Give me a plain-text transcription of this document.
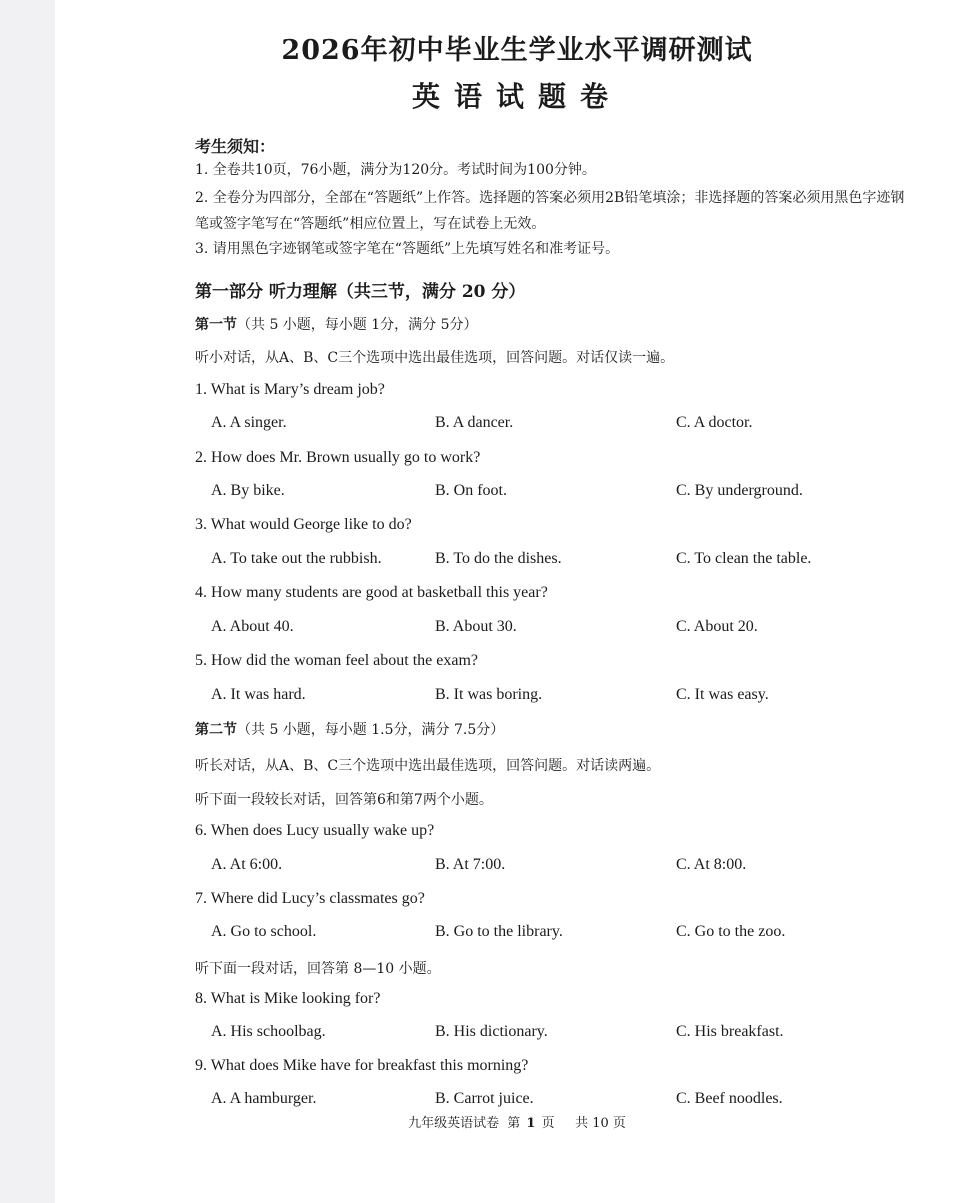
2026年初中毕业生学业水平调研测试
英语试题卷
考生须知：

1. 全卷共10页，76小题，满分为120分。考试时间为100分钟。

2. 全卷分为四部分，全部在“答题纸”上作答。选择题的答案必须用2B铅笔填涂；非选择题的答案必须用黑色字迹钢笔或签字笔写在“答题纸”相应位置上，写在试卷上无效。

3. 请用黑色字迹钢笔或签字笔在“答题纸”上先填写姓名和准考证号。

第一部分 听力理解（共三节，满分 20 分）
第一节（共 5 小题，每小题 1分，满分 5分）
听小对话，从A、B、C三个选项中选出最佳选项，回答问题。对话仅读一遍。
1. What is Mary’s dream job?
A. A singer.	B. A dancer.	C. A doctor.
2. How does Mr. Brown usually go to work?
A. By bike.	B. On foot.	C. By underground.
3. What would George like to do?
A. To take out the rubbish.	B. To do the dishes.	C. To clean the table.
4. How many students are good at basketball this year?
A. About 40.	B. About 30.	C. About 20.
5. How did the woman feel about the exam?
A. It was hard.	B. It was boring.	C. It was easy.
第二节（共 5 小题，每小题 1.5分，满分 7.5分）
听长对话，从A、B、C三个选项中选出最佳选项，回答问题。对话读两遍。
听下面一段较长对话，回答第6和第7两个小题。
6. When does Lucy usually wake up?
A. At 6:00.	B. At 7:00.	C. At 8:00.
7. Where did Lucy’s classmates go?
A. Go to school.	B. Go to the library.	C. Go to the zoo.
听下面一段对话，回答第 8—10 小题。
8. What is Mike looking for?
A. His schoolbag.	B. His dictionary.	C. His breakfast.
9. What does Mike have for breakfast this morning?
A. A hamburger.	B. Carrot juice.	C. Beef noodles.
九年级英语试卷 第 1 页 共 10 页
